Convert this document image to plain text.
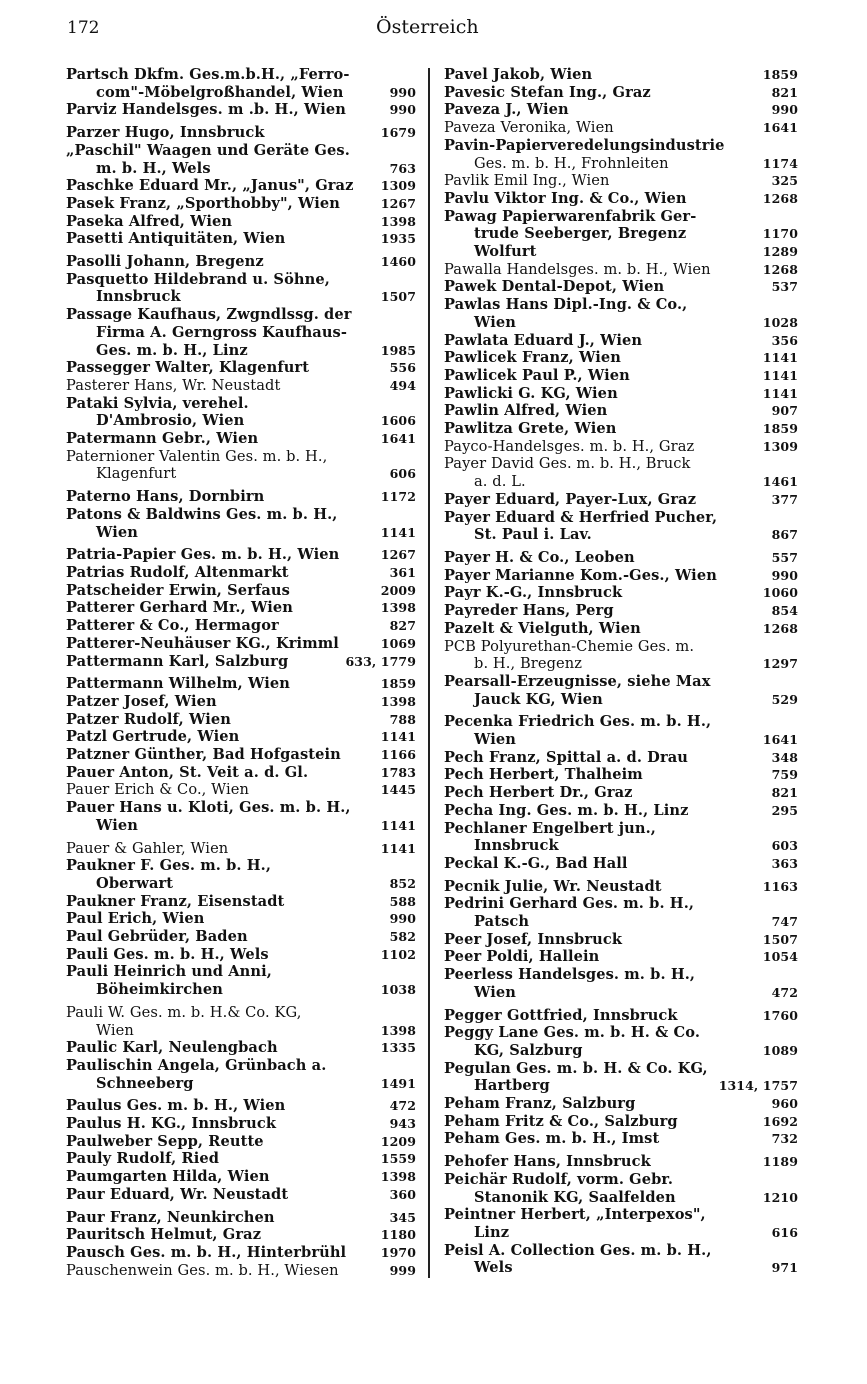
172	Österreich
Partsch Dkfm. Ges.m.b.H., „Ferro-
com"-Möbelgroßhandel, Wien	990
Parviz Handelsges. m .b. H., Wien	990
Parzer Hugo, Innsbruck	1679
„Paschil" Waagen und Geräte Ges.
m. b. H., Wels	763
Paschke Eduard Mr., „Janus", Graz	1309
Pasek Franz, „Sporthobby", Wien	1267
Paseka Alfred, Wien	1398
Pasetti Antiquitäten, Wien	1935
Pasolli Johann, Bregenz	1460
Pasquetto Hildebrand u. Söhne,
Innsbruck	1507
Passage Kaufhaus, Zwgndlssg. der
Firma A. Gerngross Kaufhaus-
Ges. m. b. H., Linz	1985
Passegger Walter, Klagenfurt	556
Pasterer Hans, Wr. Neustadt	494
Pataki Sylvia, verehel.
D'Ambrosio, Wien	1606
Patermann Gebr., Wien	1641
Paternioner Valentin Ges. m. b. H.,
Klagenfurt	606
Paterno Hans, Dornbirn	1172
Patons & Baldwins Ges. m. b. H.,
Wien	1141
Patria-Papier Ges. m. b. H., Wien	1267
Patrias Rudolf, Altenmarkt	361
Patscheider Erwin, Serfaus	2009
Patterer Gerhard Mr., Wien	1398
Patterer & Co., Hermagor	827
Patterer-Neuhäuser KG., Krimml	1069
Pattermann Karl, Salzburg	633, 1779
Pattermann Wilhelm, Wien	1859
Patzer Josef, Wien	1398
Patzer Rudolf, Wien	788
Patzl Gertrude, Wien	1141
Patzner Günther, Bad Hofgastein	1166
Pauer Anton, St. Veit a. d. Gl.	1783
Pauer Erich & Co., Wien	1445
Pauer Hans u. Kloti, Ges. m. b. H.,
Wien	1141
Pauer & Gahler, Wien	1141
Paukner F. Ges. m. b. H.,
Oberwart	852
Paukner Franz, Eisenstadt	588
Paul Erich, Wien	990
Paul Gebrüder, Baden	582
Pauli Ges. m. b. H., Wels	1102
Pauli Heinrich und Anni,
Böheimkirchen	1038
Pauli W. Ges. m. b. H.& Co. KG,
Wien	1398
Paulic Karl, Neulengbach	1335
Paulischin Angela, Grünbach a.
Schneeberg	1491
Paulus Ges. m. b. H., Wien	472
Paulus H. KG., Innsbruck	943
Paulweber Sepp, Reutte	1209
Pauly Rudolf, Ried	1559
Paumgarten Hilda, Wien	1398
Paur Eduard, Wr. Neustadt	360
Paur Franz, Neunkirchen	345
Pauritsch Helmut, Graz	1180
Pausch Ges. m. b. H., Hinterbrühl	1970
Pauschenwein Ges. m. b. H., Wiesen	999
Pavel Jakob, Wien	1859
Pavesic Stefan Ing., Graz	821
Paveza J., Wien	990
Paveza Veronika, Wien	1641
Pavin-Papierveredelungsindustrie
Ges. m. b. H., Frohnleiten	1174
Pavlik Emil Ing., Wien	325
Pavlu Viktor Ing. & Co., Wien	1268
Pawag Papierwarenfabrik Ger-
trude Seeberger, Bregenz	1170
Wolfurt	1289
Pawalla Handelsges. m. b. H., Wien	1268
Pawek Dental-Depot, Wien	537
Pawlas Hans Dipl.-Ing. & Co.,
Wien	1028
Pawlata Eduard J., Wien	356
Pawlicek Franz, Wien	1141
Pawlicek Paul P., Wien	1141
Pawlicki G. KG, Wien	1141
Pawlin Alfred, Wien	907
Pawlitza Grete, Wien	1859
Payco-Handelsges. m. b. H., Graz	1309
Payer David Ges. m. b. H., Bruck
a. d. L.	1461
Payer Eduard, Payer-Lux, Graz	377
Payer Eduard & Herfried Pucher,
St. Paul i. Lav.	867
Payer H. & Co., Leoben	557
Payer Marianne Kom.-Ges., Wien	990
Payr K.-G., Innsbruck	1060
Payreder Hans, Perg	854
Pazelt & Vielguth, Wien	1268
PCB Polyurethan-Chemie Ges. m.
b. H., Bregenz	1297
Pearsall-Erzeugnisse, siehe Max
Jauck KG, Wien	529
Pecenka Friedrich Ges. m. b. H.,
Wien	1641
Pech Franz, Spittal a. d. Drau	348
Pech Herbert, Thalheim	759
Pech Herbert Dr., Graz	821
Pecha Ing. Ges. m. b. H., Linz	295
Pechlaner Engelbert jun.,
Innsbruck	603
Peckal K.-G., Bad Hall	363
Pecnik Julie, Wr. Neustadt	1163
Pedrini Gerhard Ges. m. b. H.,
Patsch	747
Peer Josef, Innsbruck	1507
Peer Poldi, Hallein	1054
Peerless Handelsges. m. b. H.,
Wien	472
Pegger Gottfried, Innsbruck	1760
Peggy Lane Ges. m. b. H. & Co.
KG, Salzburg	1089
Pegulan Ges. m. b. H. & Co. KG,
Hartberg	1314, 1757
Peham Franz, Salzburg	960
Peham Fritz & Co., Salzburg	1692
Peham Ges. m. b. H., Imst	732
Pehofer Hans, Innsbruck	1189
Peichär Rudolf, vorm. Gebr.
Stanonik KG, Saalfelden	1210
Peintner Herbert, „Interpexos",
Linz	616
Peisl A. Collection Ges. m. b. H.,
Wels	971
